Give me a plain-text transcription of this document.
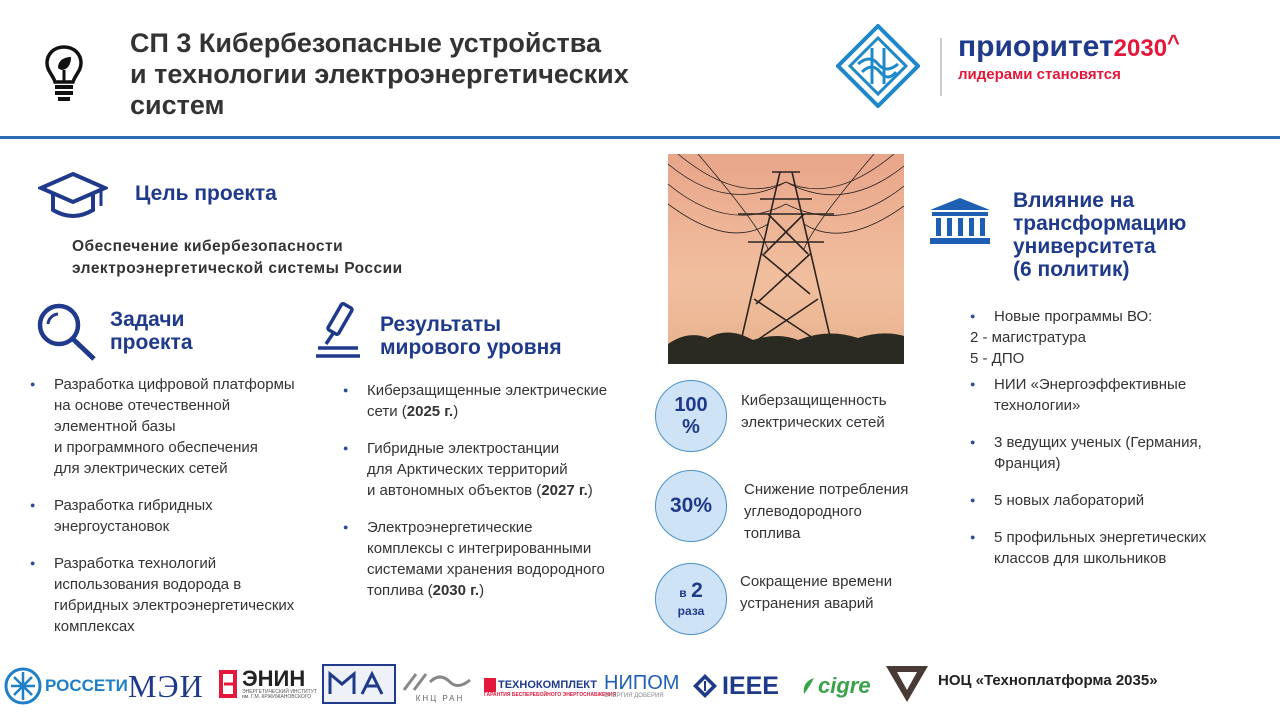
СП 3 Кибербезопасные устройства
и технологии электроэнергетических
систем
приоритет2030^
лидерами становятся
Цель проекта
Обеспечение кибербезопасности
электроэнергетической системы России
Задачи
проекта
● Разработка цифровой платформы
на основе отечественной
элементной базы
и программного обеспечения
для электрических сетей
● Разработка гибридных
энергоустановок
● Разработка технологий
использования водорода в
гибридных электроэнергетических
комплексах
Результаты
мирового уровня
● Киберзащищенные электрические
сети (2025 г.)
● Гибридные электростанции
для Арктических территорий
и автономных объектов (2027 г.)
● Электроэнергетические
комплексы с интегрированными
системами хранения водородного
топлива (2030 г.)
100
%
Киберзащищенность
электрических сетей
30%
Снижение потребления
углеводородного
топлива
в 2
раза
Сокращение времени
устранения аварий
Влияние на
трансформацию
университета
(6 политик)
● Новые программы ВО:
2 - магистратура
5 - ДПО
● НИИ «Энергоэффективные
технологии»
● 3 ведущих ученых (Германия,
Франция)
● 5 новых лабораторий
● 5 профильных энергетических
классов для школьников
РОССЕТИ МЭИ ЭНИН
ЭНЕРГЕТИЧЕСКИЙ ИНСТИТУТ им. Г.М. КРЖИЖАНОВСКОГО	КНЦ РАН
ТЕХНОКОМПЛЕКТ
ГАРАНТИЯ БЕСПЕРЕБОЙНОГО ЭНЕРГОСНАБЖЕНИЯ
НИПОМ
ЭНЕРГИЯ ДОВЕРИЯ IEEE cigre	НОЦ «Технoплатформа 2035»
